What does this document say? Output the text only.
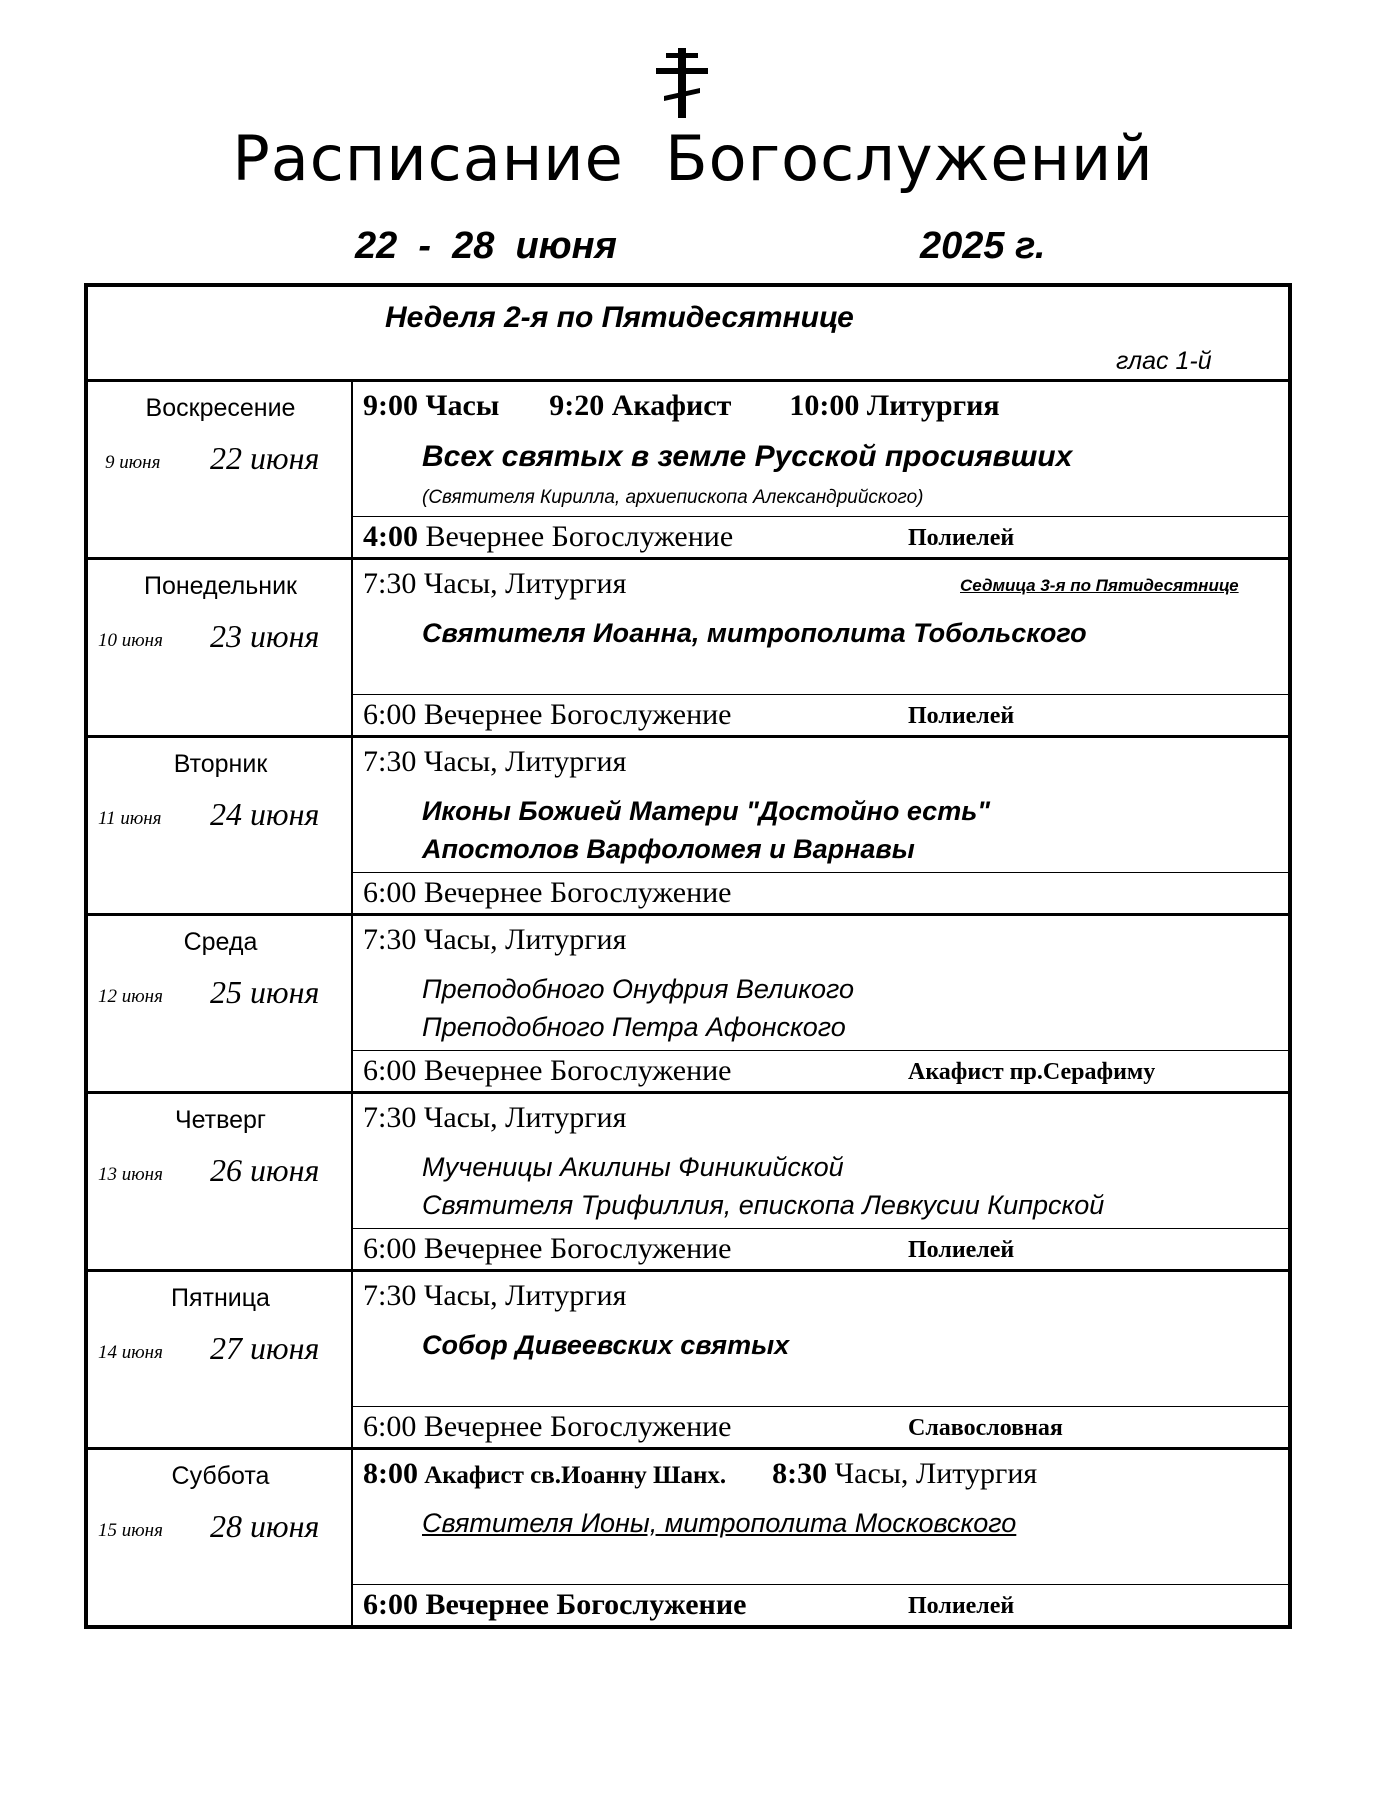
Расписание  Богослужений
22  -  28  июня	2025 г.
Неделя 2-я по Пятидесятнице
глас 1-й
Воскресение
9 июня 22 июня
9:00 Часы 9:20 Акафист 10:00 Литургия
Всех святых в земле Русской просиявших
(Святителя Кирилла, архиепископа Александрийского)
4:00 Вечернее Богослужение	Полиелей
Понедельник
10 июня 23 июня
7:30 Часы, Литургия	Седмица 3-я по Пятидесятнице
Святителя Иоанна, митрополита Тобольского
6:00 Вечернее Богослужение	Полиелей
Вторник
11 июня 24 июня
7:30 Часы, Литургия
Иконы Божией Матери "Достойно есть"
Апостолов Варфоломея и Варнавы
6:00 Вечернее Богослужение
Среда
12 июня 25 июня
7:30 Часы, Литургия
Преподобного Онуфрия Великого
Преподобного Петра Афонского
6:00 Вечернее Богослужение	Акафист пр.Серафиму
Четверг
13 июня 26 июня
7:30 Часы, Литургия
Мученицы Акилины Финикийской
Святителя Трифиллия, епископа Левкусии Кипрской
6:00 Вечернее Богослужение	Полиелей
Пятница
14 июня 27 июня
7:30 Часы, Литургия
Собор Дивеевских святых
6:00 Вечернее Богослужение	Славословная
Суббота
15 июня 28 июня
8:00 Акафист св.Иоанну Шанх. 8:30 Часы, Литургия
Святителя Ионы, митрополита Московского
6:00 Вечернее Богослужение	Полиелей
